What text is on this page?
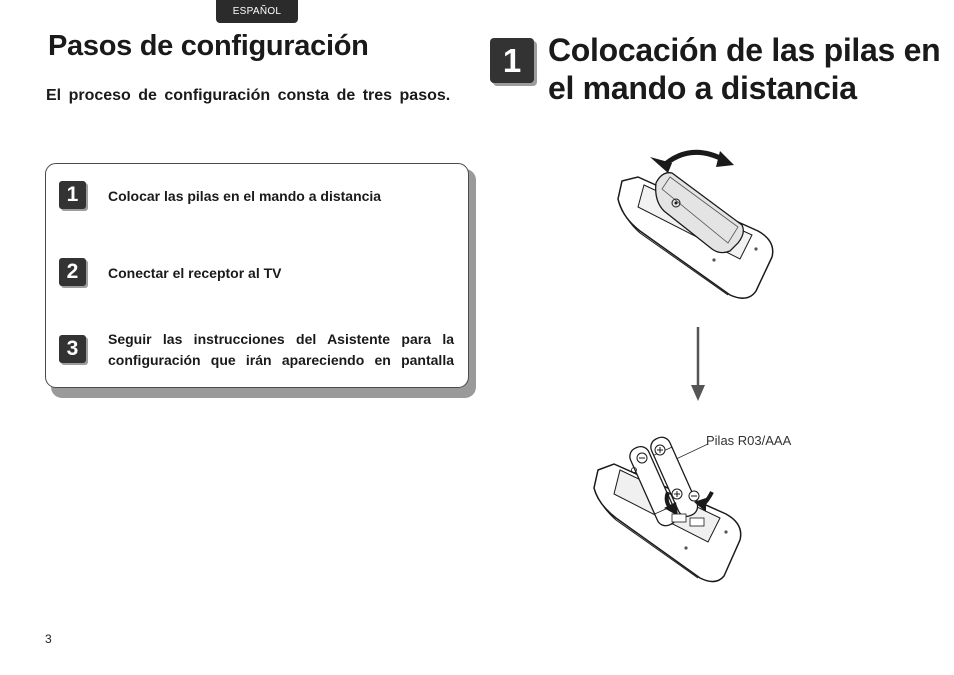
ESPAÑOL
Pasos de configuración

El proceso de configuración consta de tres pasos.

1	Colocar las pilas en el mando a distancia
2	Conectar el receptor al TV
3	Seguir las instrucciones del Asistente para la configuración que irán apareciendo en pantalla
1 Colocación de las pilas en el mando a distancia
Pilas R03/AAA
3
